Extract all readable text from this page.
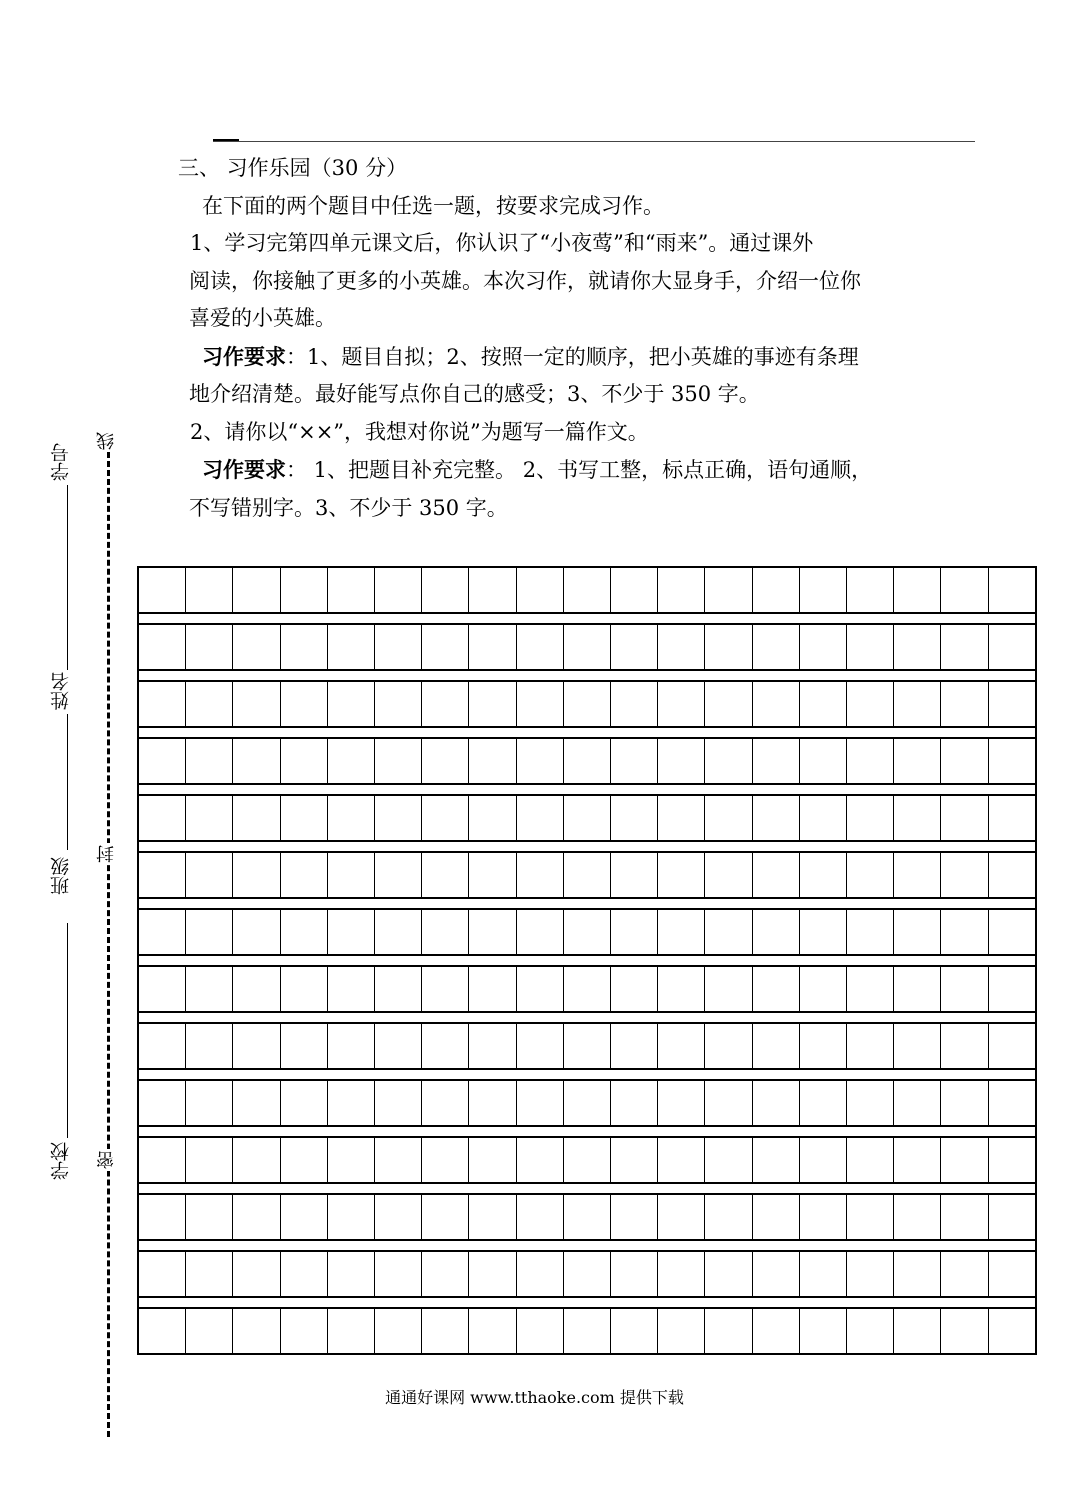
三、 习作乐园（30 分）

在下面的两个题目中任选一题，按要求完成习作。

1、学习完第四单元课文后，你认识了“小夜莺”和“雨来”。通过课外

阅读，你接触了更多的小英雄。本次习作，就请你大显身手，介绍一位你

喜爱的小英雄。

习作要求：1、题目自拟；2、按照一定的顺序，把小英雄的事迹有条理

地介绍清楚。最好能写点你自己的感受；3、不少于 350 字。

2、请你以“××”，我想对你说”为题写一篇作文。

习作要求： 1、把题目补充完整。 2、书写工整，标点正确，语句通顺，

不写错别字。3、不少于 350 字。

学号
姓名
班级
学校
线
封
密
通通好课网 www.tthaoke.com 提供下载
